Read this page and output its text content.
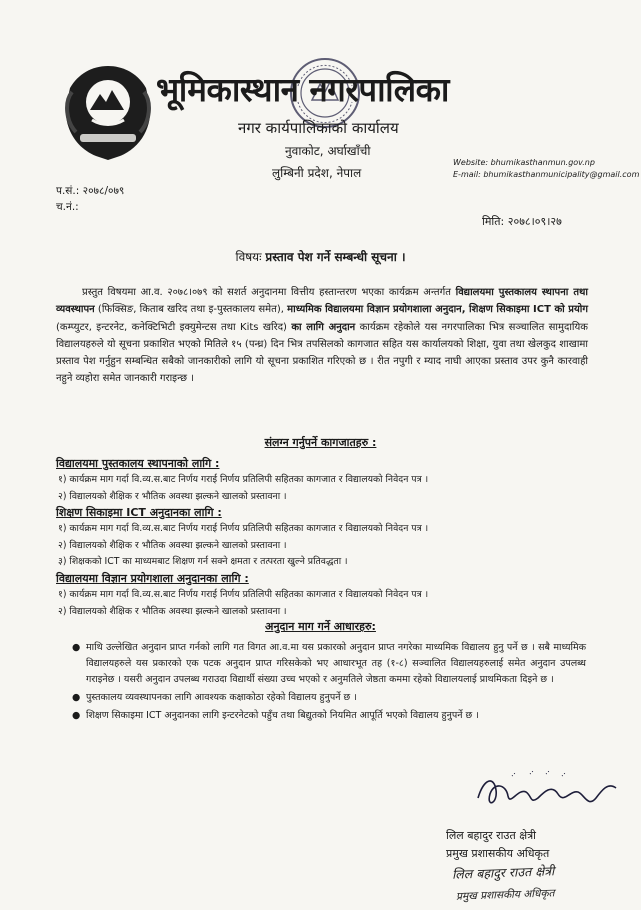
भूमिकास्थान नगरपालिका
नगर कार्यपालिकाको कार्यालय
नुवाकोट, अर्घाखाँची
लुम्बिनी प्रदेश, नेपाल
Website: bhumikasthanmun.gov.np
E-mail: bhumikasthanmunicipality@gmail.com
प.सं.: २०७८/०७९
च.नं.:
मिति: २०७८।०९।२७
विषयः प्रस्ताव पेश गर्ने सम्बन्धी सूचना ।

प्रस्तुत विषयमा आ.व. २०७८।०७९ को सशर्त अनुदानमा वित्तीय हस्तान्तरण भएका कार्यक्रम अन्तर्गत विद्यालयमा पुस्तकालय स्थापना तथा व्यवस्थापन (फिक्सिङ, किताब खरिद तथा इ-पुस्तकालय समेत), माध्यमिक विद्यालयमा विज्ञान प्रयोगशाला अनुदान, शिक्षण सिकाइमा ICT को प्रयोग (कम्प्युटर, इन्टरनेट, कनेक्टिभिटी इक्युमेन्टस तथा Kits खरिद) का लागि अनुदान कार्यक्रम रहेकोले यस नगरपालिका भित्र सञ्चालित सामुदायिक विद्यालयहरुले यो सूचना प्रकाशित भएको मितिले १५ (पन्ध्र) दिन भित्र तपसिलको कागजात सहित यस कार्यालयको शिक्षा, युवा तथा खेलकुद शाखामा प्रस्ताव पेश गर्नुहुन सम्बन्धित सबैको जानकारीको लागि यो सूचना प्रकाशित गरिएको छ । रीत नपुगी र म्याद नाघी आएका प्रस्ताव उपर कुनै कारवाही नहुने व्यहोरा समेत जानकारी गराइन्छ ।

संलग्न गर्नुपर्ने कागजातहरु :
विद्यालयमा पुस्तकालय स्थापनाको लागि :
१) कार्यक्रम माग गर्दा वि.व्य.स.बाट निर्णय गराई निर्णय प्रतिलिपी सहितका कागजात र विद्यालयको निवेदन पत्र ।
२) विद्यालयको शैक्षिक र भौतिक अवस्था झल्कने खालको प्रस्तावना ।
शिक्षण सिकाइमा ICT अनुदानका लागि :
१) कार्यक्रम माग गर्दा वि.व्य.स.बाट निर्णय गराई निर्णय प्रतिलिपी सहितका कागजात र विद्यालयको निवेदन पत्र ।
२) विद्यालयको शैक्षिक र भौतिक अवस्था झल्कने खालको प्रस्तावना ।
३) शिक्षकको ICT का माध्यमबाट शिक्षण गर्न सक्ने क्षमता र तत्परता खुल्ने प्रतिवद्धता ।
विद्यालयमा विज्ञान प्रयोगशाला अनुदानका लागि :
१) कार्यक्रम माग गर्दा वि.व्य.स.बाट निर्णय गराई निर्णय प्रतिलिपी सहितका कागजात र विद्यालयको निवेदन पत्र ।
२) विद्यालयको शैक्षिक र भौतिक अवस्था झल्कने खालको प्रस्तावना ।
अनुदान माग गर्ने आधारहरु:
● माथि उल्लेखित अनुदान प्राप्त गर्नको लागि गत विगत आ.व.मा यस प्रकारको अनुदान प्राप्त नगरेका माध्यमिक विद्यालय हुनु पर्ने छ । सबै माध्यमिक विद्यालयहरुले यस प्रकारको एक पटक अनुदान प्राप्त गरिसकेको भए आधारभूत तह (१-८) सञ्चालित विद्यालयहरुलाई समेत अनुदान उपलब्ध गराइनेछ । यसरी अनुदान उपलब्ध गराउदा विद्यार्थी संख्या उच्च भएको र अनुमतिले जेष्ठता कममा रहेको विद्यालयलाई प्राथमिकता दिइने छ ।
● पुस्तकालय व्यवस्थापनका लागि आवश्यक कक्षाकोठा रहेको विद्यालय हुनुपर्ने छ ।
● शिक्षण सिकाइमा ICT अनुदानका लागि इन्टरनेटको पहुँच तथा बिद्युतको नियमित आपूर्ति भएको विद्यालय हुनुपर्ने छ ।
लिल बहादुर राउत क्षेत्री
प्रमुख प्रशासकीय अधिकृत
लिल बहादुर राउत क्षेत्री
प्रमुख प्रशासकीय अधिकृत
